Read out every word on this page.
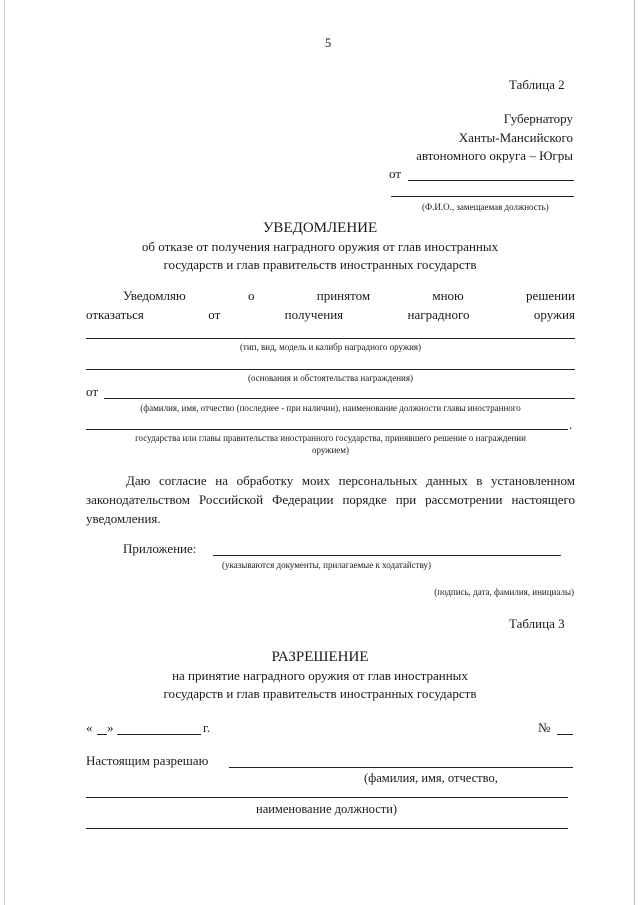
5
Таблица 2
Губернатору
Ханты-Мансийского
автономного округа – Югры
от
(Ф.И.О., замещаемая должность)
УВЕДОМЛЕНИЕ
об отказе от получения наградного оружия от глав иностранных
государств и глав правительств иностранных государств
Уведомляю	о	принятом	мною	решении
отказаться	от	получения	наградного	оружия
(тип, вид, модель и калибр наградного оружия)
(основания и обстоятельства награждения)
от
(фамилия, имя, отчество (последнее - при наличии), наименование должности главы иностранного
.
государства или главы правительства иностранного государства, принявшего решение о награждении
оружием)
Даю согласие на обработку моих персональных данных в установленном законодательством Российской Федерации порядке при рассмотрении настоящего уведомления.
Приложение:
(указываются документы, прилагаемые к ходатайству)
(подпись, дата, фамилия, инициалы)
Таблица 3
РАЗРЕШЕНИЕ
на принятие наградного оружия от глав иностранных
государств и глав правительств иностранных государств
« »	г.	№
Настоящим разрешаю
(фамилия, имя, отчество,
наименование должности)
